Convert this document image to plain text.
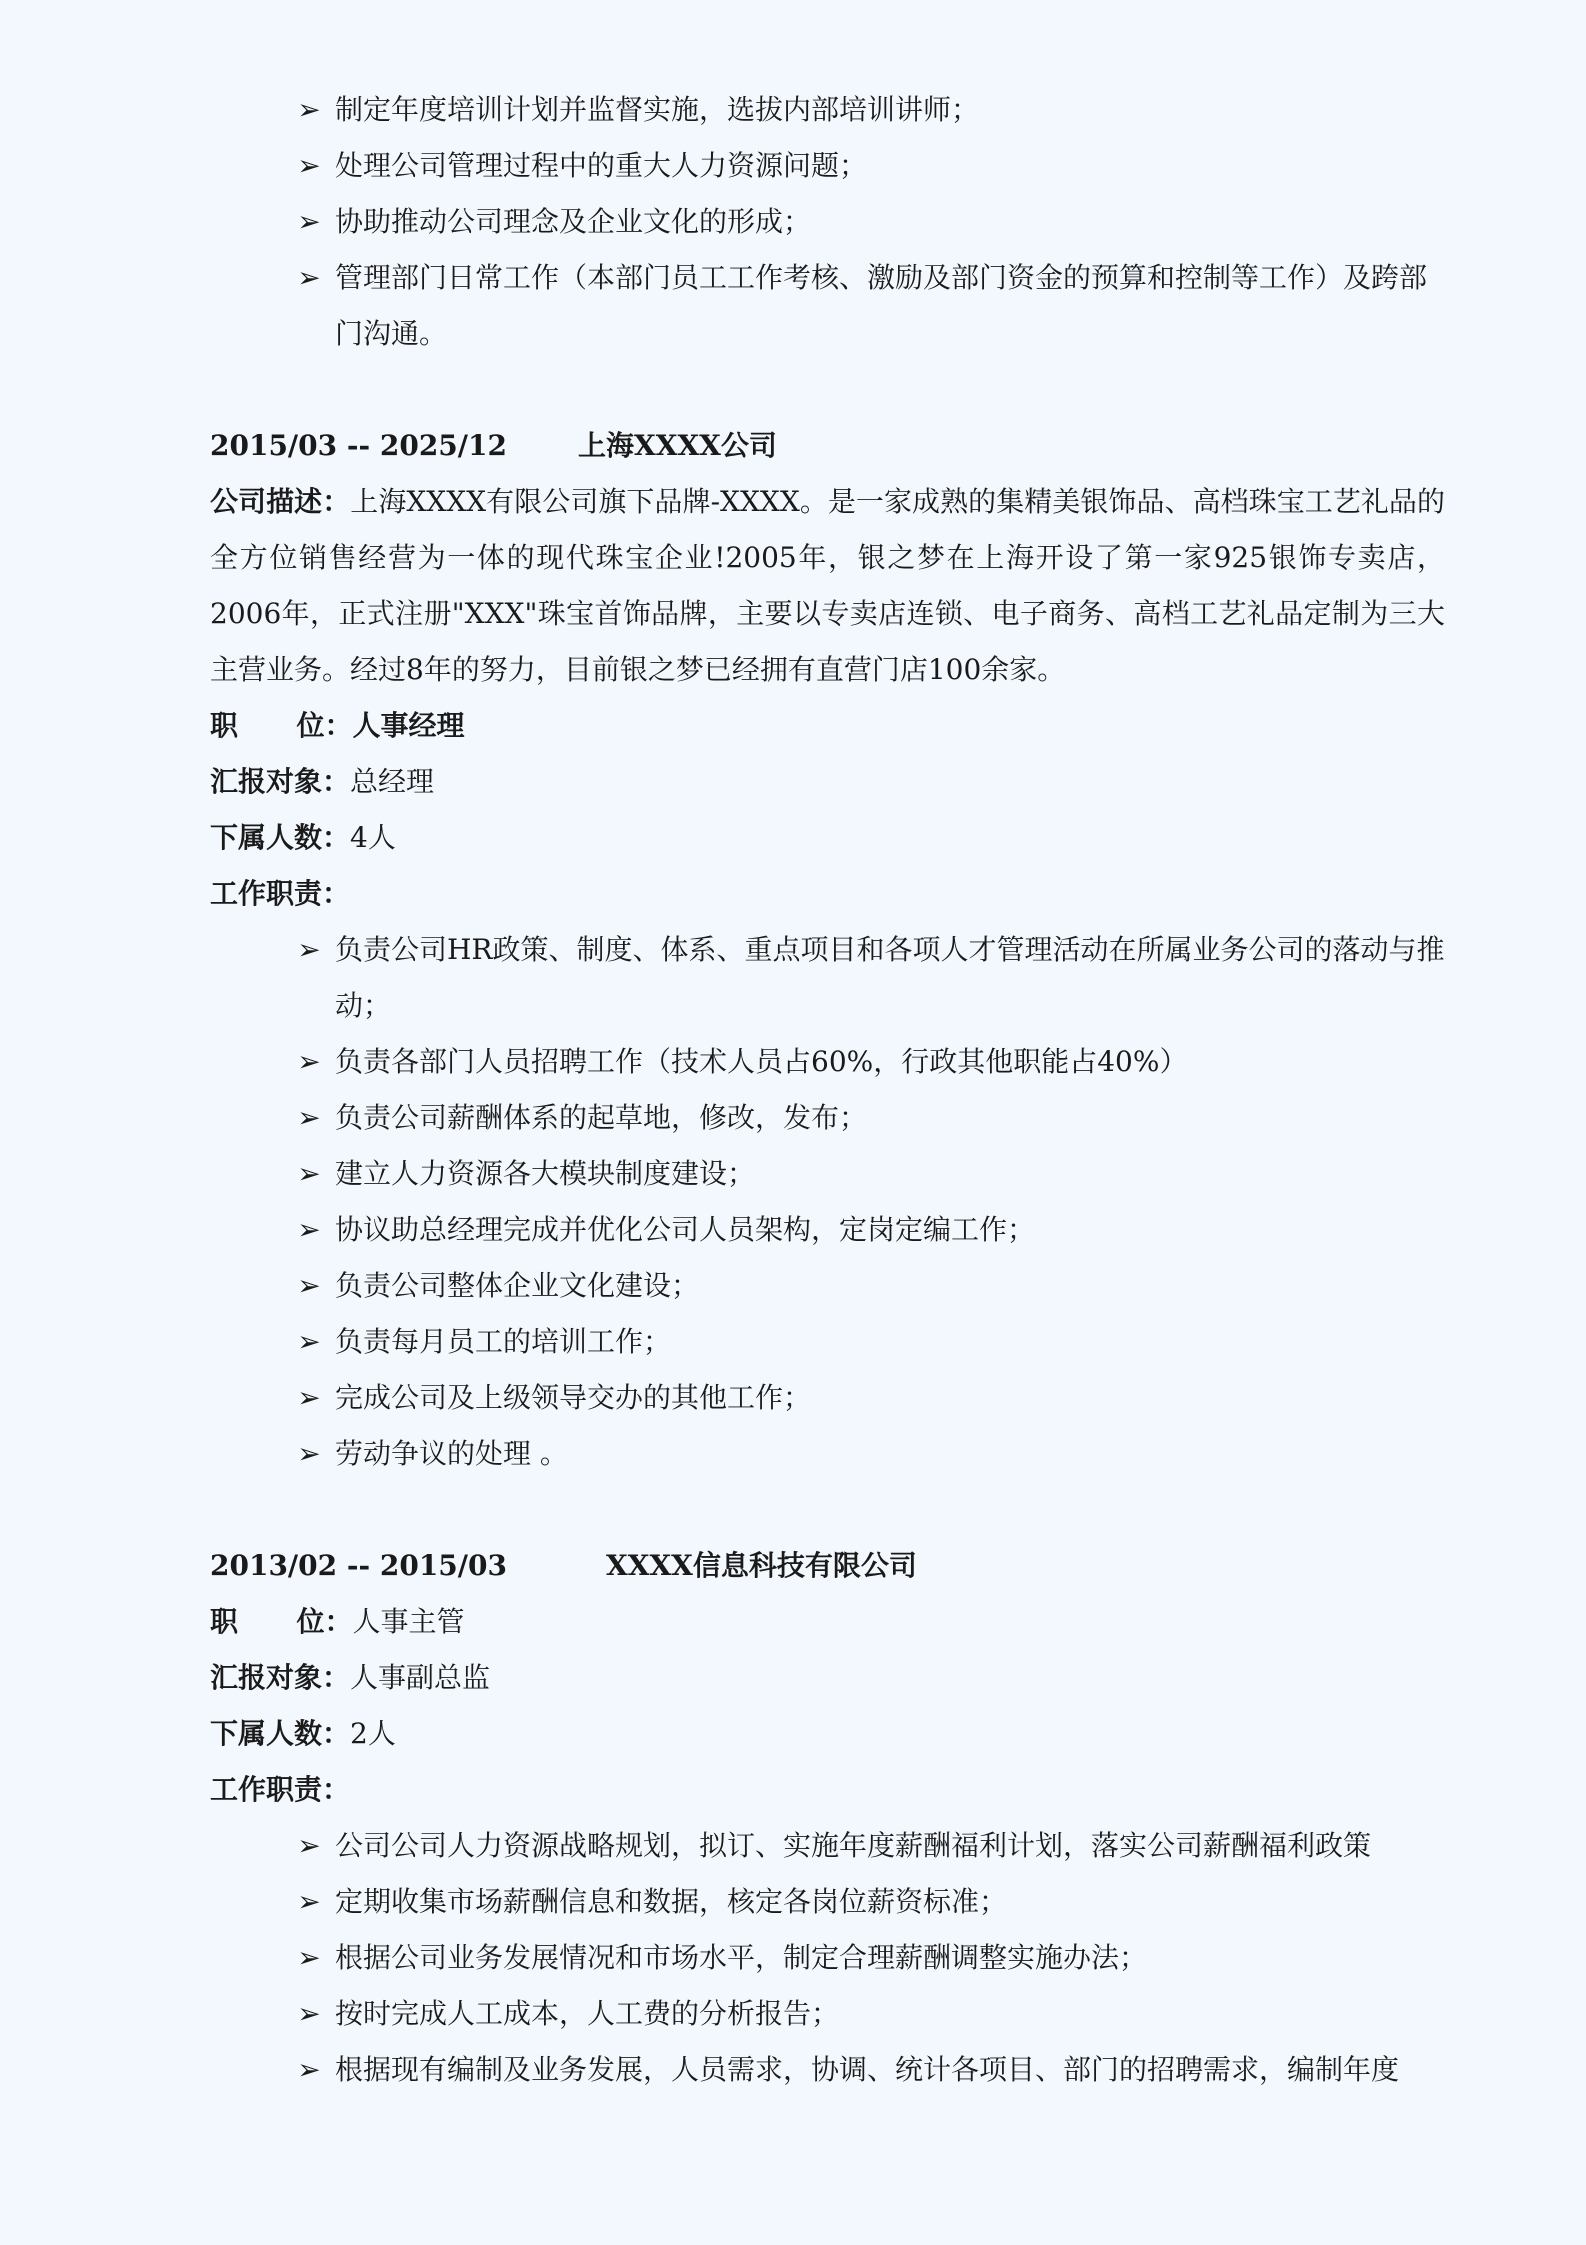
➢ 制定年度培训计划并监督实施，选拔内部培训讲师；
➢ 处理公司管理过程中的重大人力资源问题；
➢ 协助推动公司理念及企业文化的形成；
➢ 管理部门日常工作（本部门员工工作考核、激励及部门资金的预算和控制等工作）及跨部门沟通。
2015/03 -- 2025/12	上海XXXX公司
公司描述：上海XXXX有限公司旗下品牌-XXXX。是一家成熟的集精美银饰品、高档珠宝工艺礼品的全方位销售经营为一体的现代珠宝企业!2005年，银之梦在上海开设了第一家925银饰专卖店，2006年，正式注册"XXX"珠宝首饰品牌，主要以专卖店连锁、电子商务、高档工艺礼品定制为三大主营业务。经过8年的努力，目前银之梦已经拥有直营门店100余家。
职      位：人事经理
汇报对象：总经理
下属人数：4人
工作职责：
➢ 负责公司HR政策、制度、体系、重点项目和各项人才管理活动在所属业务公司的落动与推动；
➢ 负责各部门人员招聘工作（技术人员占60%，行政其他职能占40%）
➢ 负责公司薪酬体系的起草地，修改，发布；
➢ 建立人力资源各大模块制度建设；
➢ 协议助总经理完成并优化公司人员架构，定岗定编工作；
➢ 负责公司整体企业文化建设；
➢ 负责每月员工的培训工作；
➢ 完成公司及上级领导交办的其他工作；
➢ 劳动争议的处理 。
2013/02 -- 2015/03	XXXX信息科技有限公司
职      位：人事主管
汇报对象：人事副总监
下属人数：2人
工作职责：
➢ 公司公司人力资源战略规划，拟订、实施年度薪酬福利计划，落实公司薪酬福利政策
➢ 定期收集市场薪酬信息和数据，核定各岗位薪资标准；
➢ 根据公司业务发展情况和市场水平，制定合理薪酬调整实施办法；
➢ 按时完成人工成本，人工费的分析报告；
➢ 根据现有编制及业务发展，人员需求，协调、统计各项目、部门的招聘需求，编制年度
